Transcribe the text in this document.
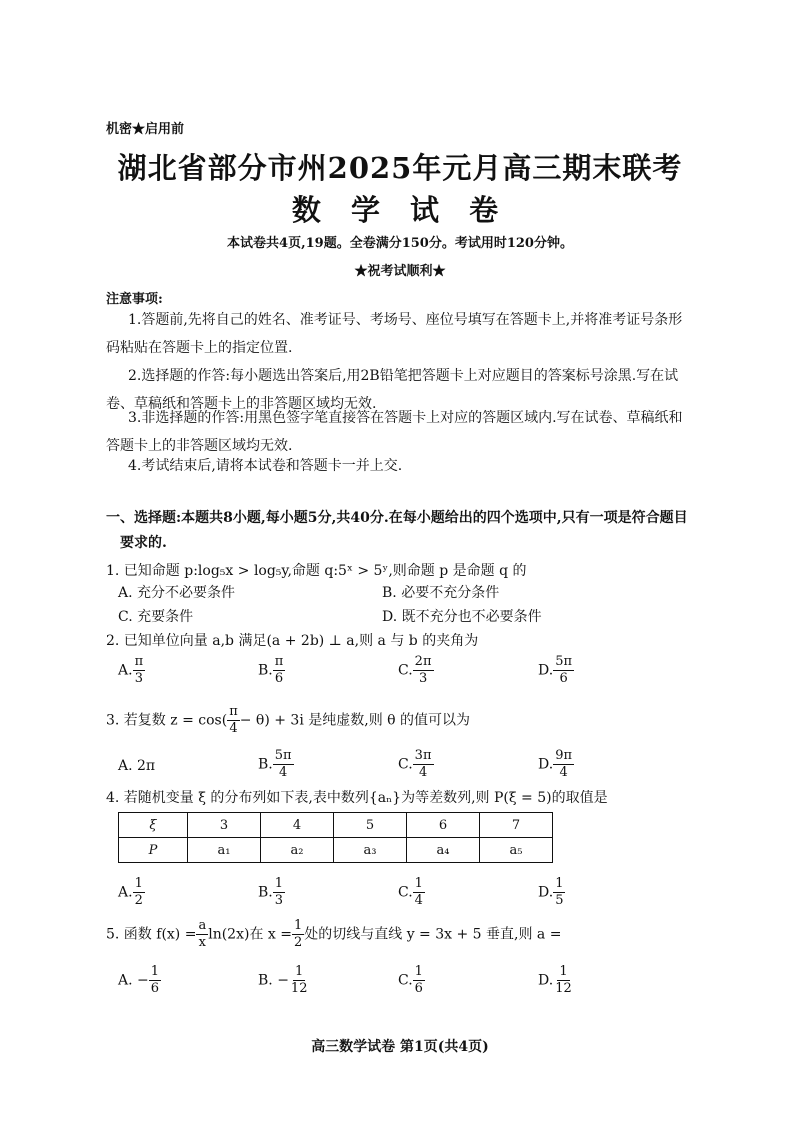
机密★启用前
湖北省部分市州2025年元月高三期末联考
数 学 试 卷
本试卷共4页,19题。全卷满分150分。考试用时120分钟。
★祝考试顺利★
注意事项:
1.答题前,先将自己的姓名、准考证号、考场号、座位号填写在答题卡上,并将准考证号条形码粘贴在答题卡上的指定位置.
2.选择题的作答:每小题选出答案后,用2B铅笔把答题卡上对应题目的答案标号涂黑.写在试卷、草稿纸和答题卡上的非答题区域均无效.
3.非选择题的作答:用黑色签字笔直接答在答题卡上对应的答题区域内.写在试卷、草稿纸和答题卡上的非答题区域均无效.
4.考试结束后,请将本试卷和答题卡一并上交.
一、选择题:本题共8小题,每小题5分,共40分.在每小题给出的四个选项中,只有一项是符合题目要求的.
1. 已知命题 p:log₅x > log₅y,命题 q:5ˣ > 5ʸ,则命题 p 是命题 q 的
A. 充分不必要条件	B. 必要不充分条件
C. 充要条件	D. 既不充分也不必要条件
2. 已知单位向量 a,b 满足(a + 2b) ⊥ a,则 a 与 b 的夹角为
A. $\frac{\pi}{3}$	B. $\frac{\pi}{6}$	C. $\frac{2\pi}{3}$	D. $\frac{5\pi}{6}$
3. 若复数 $z = \cos( \frac{\pi}{4} - \theta) + 3i$ 是纯虚数,则 θ 的值可以为
A. 2π	B. $\frac{5\pi}{4}$	C. $\frac{3\pi}{4}$	D. $\frac{9\pi}{4}$
4. 若随机变量 ξ 的分布列如下表,表中数列{aₙ}为等差数列,则 P(ξ = 5)的取值是
ξ	3	4	5	6	7
P	a₁	a₂	a₃	a₄	a₅
A. $\frac{1}{2}$	B. $\frac{1}{3}$	C. $\frac{1}{4}$	D. $\frac{1}{5}$
5. 函数 $f(x) = \frac{a}{x} \ln(2x)$在 $x = \frac{1}{2}$ 处的切线与直线 y = 3x + 5 垂直,则 a =
A. − $\frac{1}{6}$	B. − $\frac{1}{12}$	C. $\frac{1}{6}$	D. $\frac{1}{12}$
高三数学试卷 第1页(共4页)
